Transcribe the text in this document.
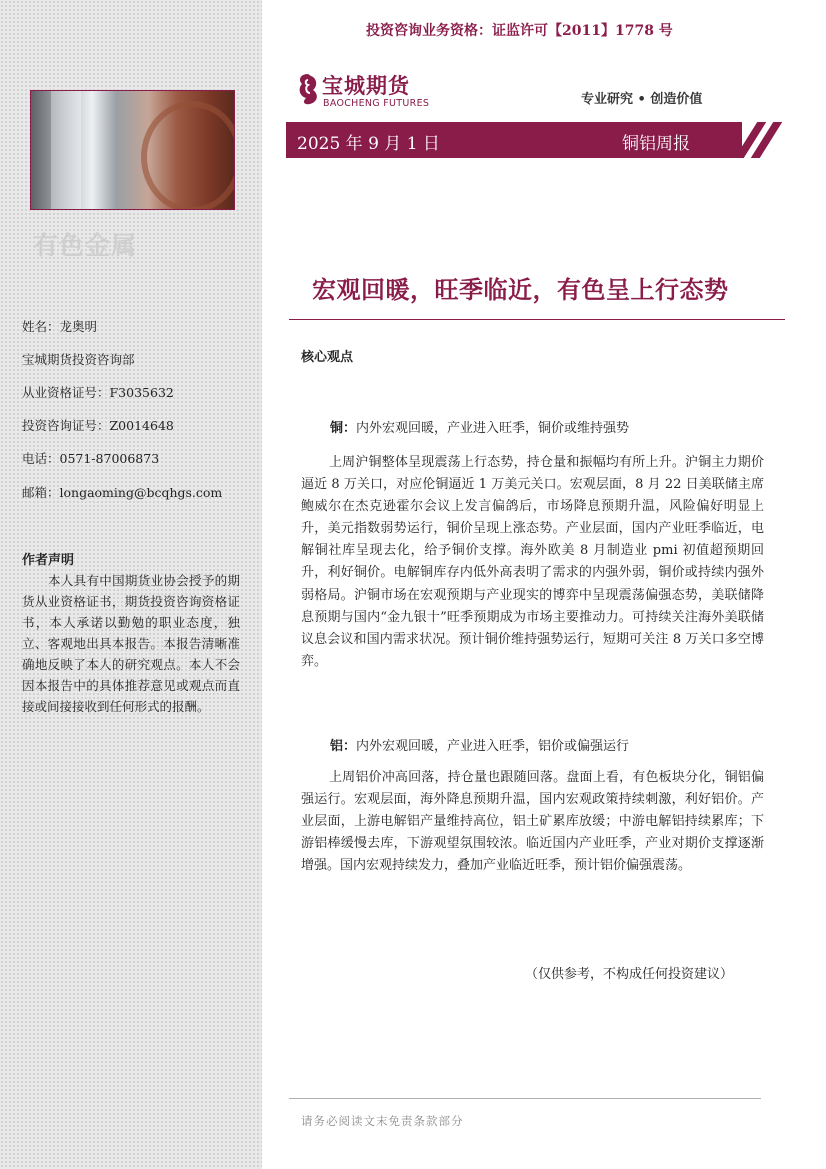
有色金属
姓名：龙奥明
宝城期货投资咨询部
从业资格证号：F3035632
投资咨询证号：Z0014648
电话：0571-87006873
邮箱：longaoming@bcqhgs.com
作者声明
本人具有中国期货业协会授予的期货从业资格证书，期货投资咨询资格证书，本人承诺以勤勉的职业态度，独立、客观地出具本报告。本报告清晰准确地反映了本人的研究观点。本人不会因本报告中的具体推荐意见或观点而直接或间接接收到任何形式的报酬。
投资咨询业务资格：证监许可【2011】1778 号
宝城期货
BAOCHENG FUTURES	专业研究 • 创造价值
2025 年 9 月 1 日	铜铝周报
宏观回暖，旺季临近，有色呈上行态势
核心观点
铜：内外宏观回暖，产业进入旺季，铜价或维持强势
上周沪铜整体呈现震荡上行态势，持仓量和振幅均有所上升。沪铜主力期价逼近 8 万关口，对应伦铜逼近 1 万美元关口。宏观层面，8 月 22 日美联储主席鲍威尔在杰克逊霍尔会议上发言偏鸽后，市场降息预期升温，风险偏好明显上升，美元指数弱势运行，铜价呈现上涨态势。产业层面，国内产业旺季临近，电解铜社库呈现去化，给予铜价支撑。海外欧美 8 月制造业 pmi 初值超预期回升，利好铜价。电解铜库存内低外高表明了需求的内强外弱，铜价或持续内强外弱格局。沪铜市场在宏观预期与产业现实的博弈中呈现震荡偏强态势，美联储降息预期与国内“金九银十”旺季预期成为市场主要推动力。可持续关注海外美联储议息会议和国内需求状况。预计铜价维持强势运行，短期可关注 8 万关口多空博弈。
铝：内外宏观回暖，产业进入旺季，铝价或偏强运行
上周铝价冲高回落，持仓量也跟随回落。盘面上看，有色板块分化，铜铝偏强运行。宏观层面，海外降息预期升温，国内宏观政策持续刺激，利好铝价。产业层面，上游电解铝产量维持高位，铝土矿累库放缓；中游电解铝持续累库；下游铝棒缓慢去库，下游观望氛围较浓。临近国内产业旺季，产业对期价支撑逐渐增强。国内宏观持续发力，叠加产业临近旺季，预计铝价偏强震荡。
（仅供参考，不构成任何投资建议）
请务必阅读文末免责条款部分
